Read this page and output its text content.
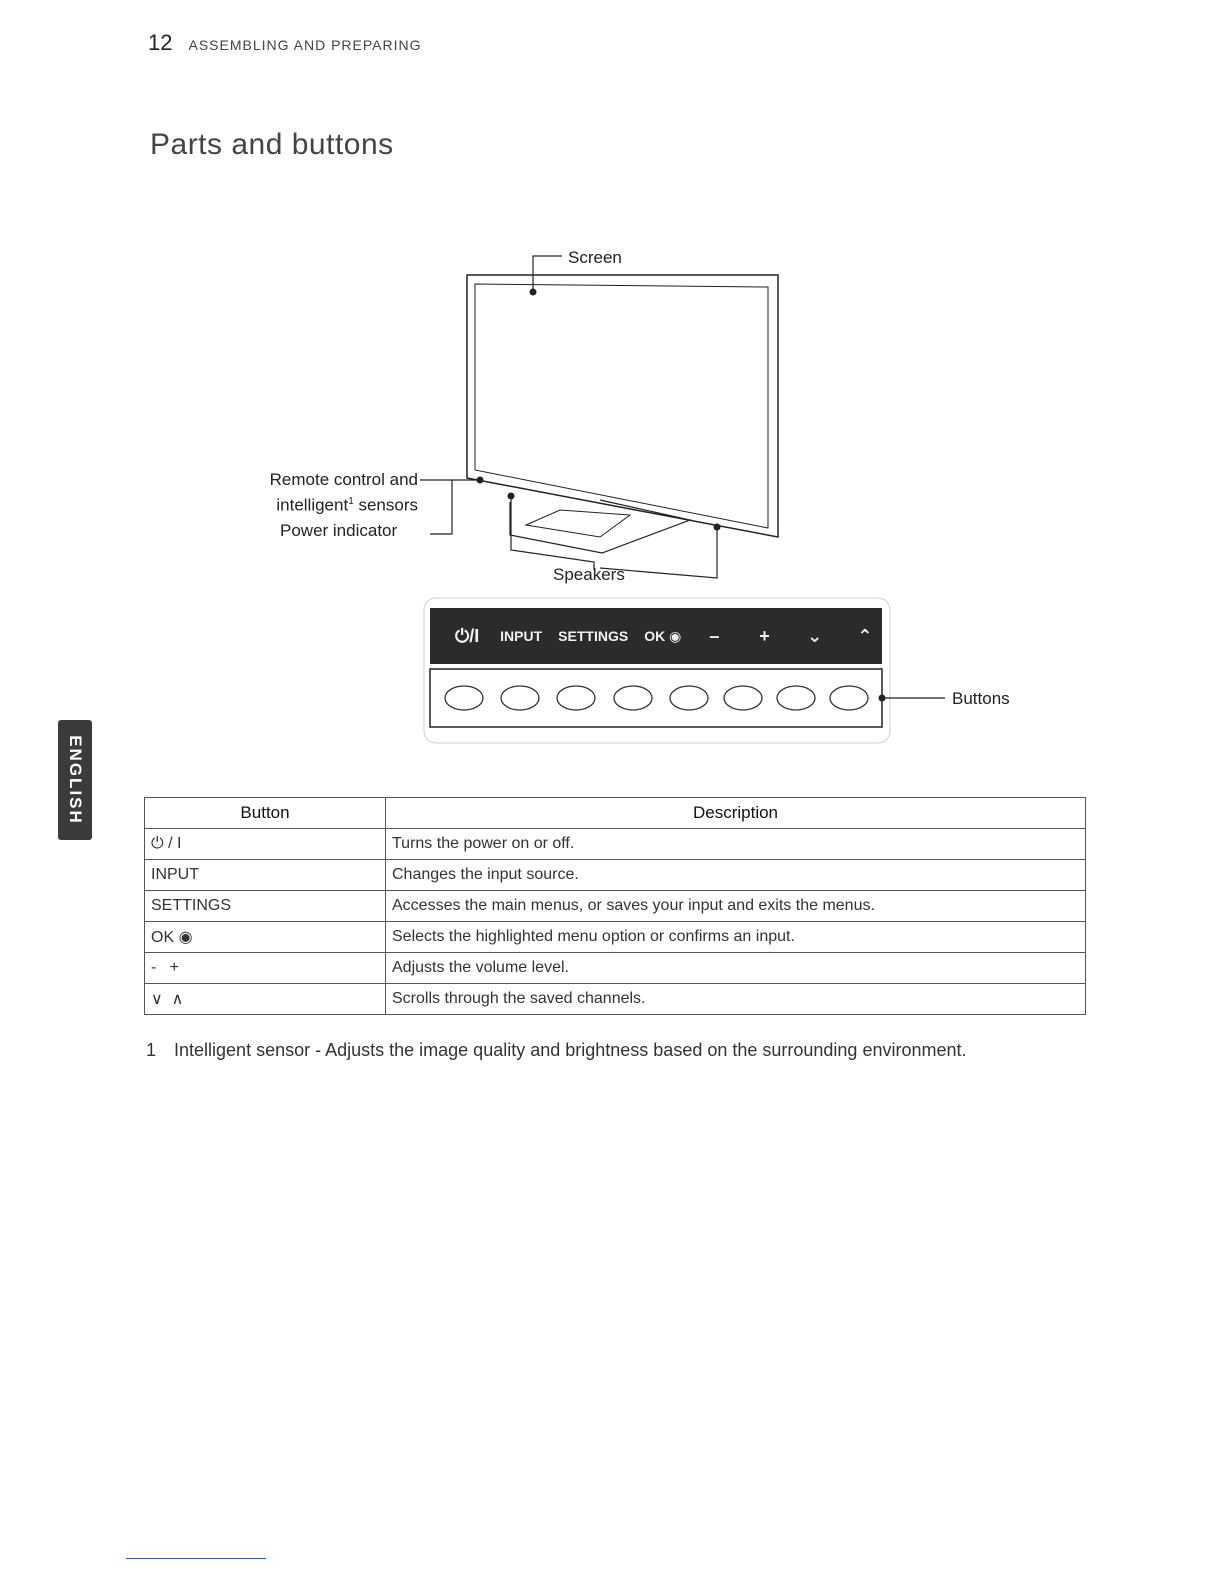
12 ASSEMBLING AND PREPARING
Parts and buttons
ENGLISH
⏻/I	INPUT SETTINGS OK ◉	–	+	⌄	⌃
Screen
Remote control and
intelligent$^1$ sensors
Power indicator
Speakers
Buttons
Button	Description
⏻ / I	Turns the power on or off.
INPUT	Changes the input source.
SETTINGS	Accesses the main menus, or saves your input and exits the menus.
OK ◉	Selects the highlighted menu option or confirms an input.
-   +	Adjusts the volume level.
∨  ∧	Scrolls through the saved channels.
1 Intelligent sensor - Adjusts the image quality and brightness based on the surrounding environment.
